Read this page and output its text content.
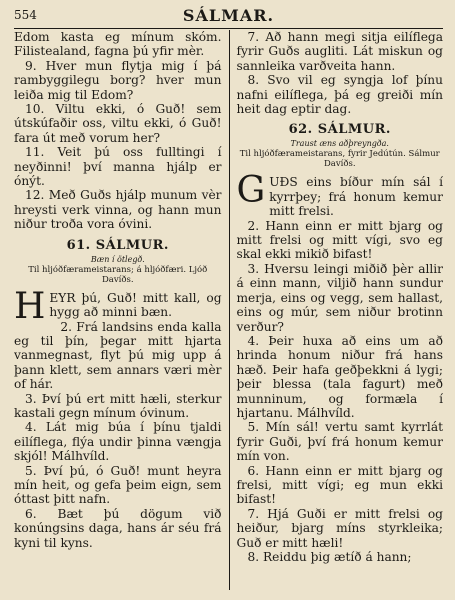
554	SÁLMAR.

Edom kasta eg mínum skóm. Filistealand, fagna þú yfir mèr.

9. Hver mun flytja mig í þá rambyggilegu borg? hver mun leiða mig til Edom?

10. Viltu ekki, ó Guð! sem útskúfaðir oss, viltu ekki, ó Guð! fara út með vorum her?

11. Veit þú oss fulltingi í neyðinni! því manna hjálp er ónýt.

12. Með Guðs hjálp munum vèr hreysti verk vinna, og hann mun niður troða vora óvini.

61. SÁLMUR.

Bæn í ötlegð.

Til hljóðfærameistarans; á hljóðfæri. Ljóð Davíðs.

HEYR þú, Guð! mitt kall, og hygg að minni bæn.

2. Frá landsins enda kalla eg til þín, þegar mitt hjarta vanmegnast, flyt þú mig upp á þann klett, sem annars væri mèr of hár.

3. Því þú ert mitt hæli, sterkur kastali gegn mínum óvinum.

4. Lát mig búa í þínu tjaldi eilíflega, flýa undir þinna vængja skjól! Málhvíld.

5. Því þú, ó Guð! munt heyra mín heit, og gefa þeim eign, sem óttast þitt nafn.

6. Bæt þú dögum við konúngsins daga, hans ár séu frá kyni til kyns.

7. Að hann megi sitja eilíflega fyrir Guðs augliti. Lát miskun og sannleika varðveita hann.

8. Svo vil eg syngja lof þínu nafni eilíflega, þá eg greiði mín heit dag eptir dag.

62. SÁLMUR.

Traust æns aðþreyngða.

Til hljóðfærameistarans, fyrir Jedútún. Sálmur Davíðs.

GUÐS eins bíður mín sál í kyrrþey; frá honum kemur mitt frelsi.

2. Hann einn er mitt bjarg og mitt frelsi og mitt vígi, svo eg skal ekki mikið bifast!

3. Hversu leingi miðið þèr allir á einn mann, viljið hann sundur merja, eins og vegg, sem hallast, eins og múr, sem niður brotinn verður?

4. Þeir huxa að eins um að hrinda honum niður frá hans hæð. Þeir hafa geðþekkni á lygi; þeir blessa (tala fagurt) með munninum, og formæla í hjartanu. Málhvíld.

5. Mín sál! vertu samt kyrrlát fyrir Guði, því frá honum kemur mín von.

6. Hann einn er mitt bjarg og frelsi, mitt vígi; eg mun ekki bifast!

7. Hjá Guði er mitt frelsi og heiður, bjarg míns styrkleika; Guð er mitt hæli!

8. Reiddu þig ætíð á hann;
